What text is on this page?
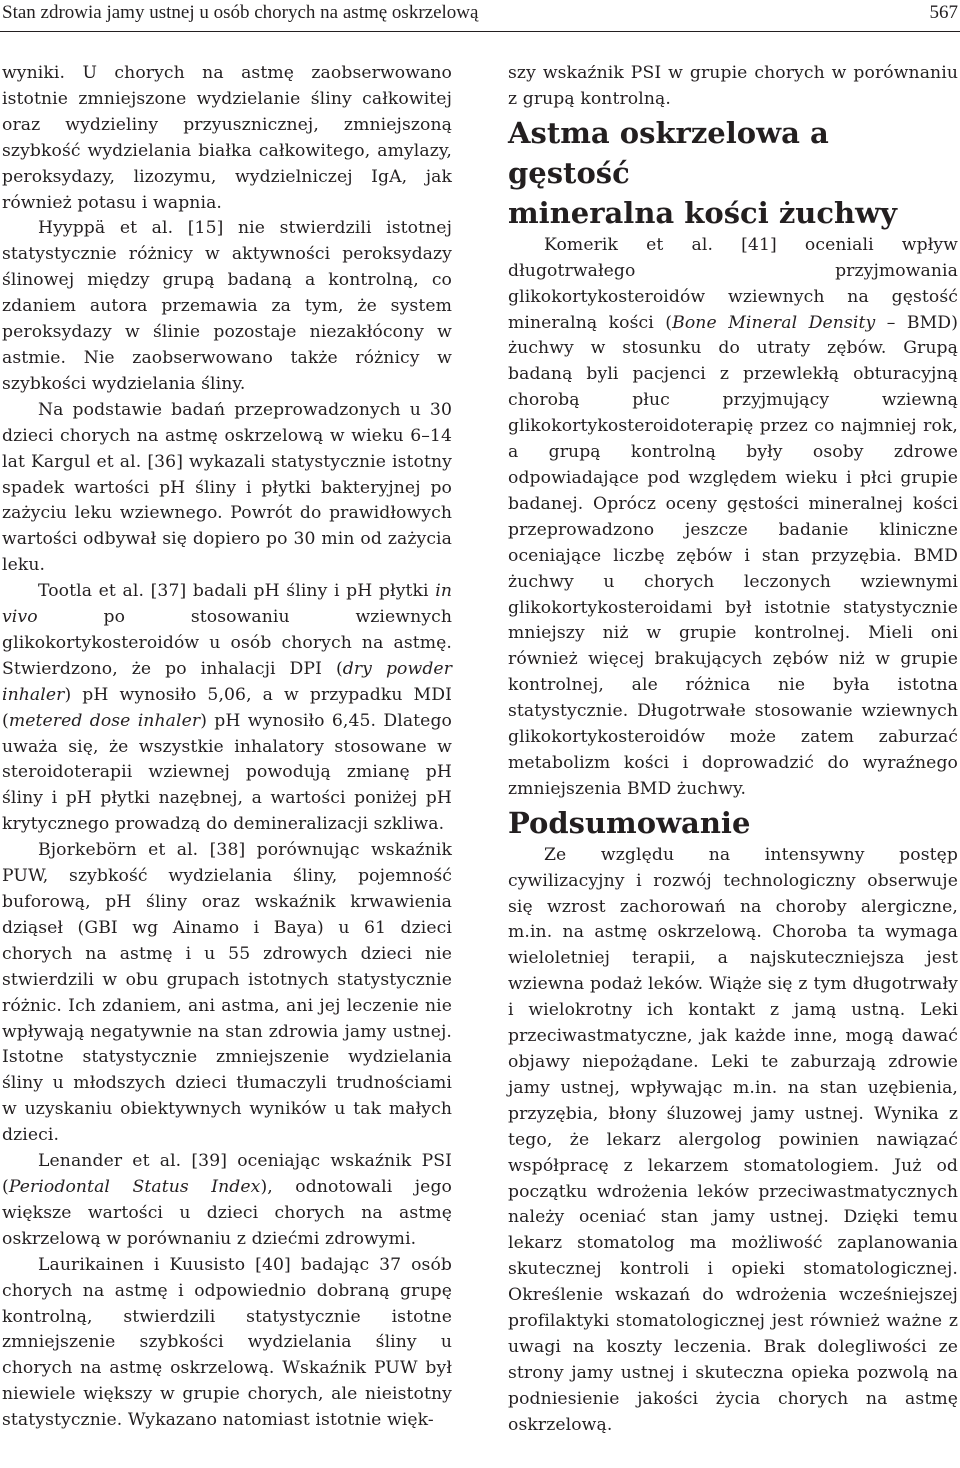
Stan zdrowia jamy ustnej u osób chorych na astmę oskrzelową	567

wyniki. U chorych na astmę zaobserwowano istotnie zmniejszone wydzielanie śliny całkowitej oraz wydzieliny przyusznicznej, zmniejszoną szybkość wydzielania białka całkowitego, amylazy, peroksydazy, lizozymu, wydzielniczej IgA, jak również potasu i wapnia.

Hyyppä et al. [15] nie stwierdzili istotnej statystycznie różnicy w aktywności peroksydazy ślinowej między grupą badaną a kontrolną, co zdaniem autora przemawia za tym, że system peroksydazy w ślinie pozostaje niezakłócony w astmie. Nie zaobserwowano także różnicy w szybkości wydzielania śliny.

Na podstawie badań przeprowadzonych u 30 dzieci chorych na astmę oskrzelową w wieku 6–14 lat Kargul et al. [36] wykazali statystycznie istotny spadek wartości pH śliny i płytki bakteryjnej po zażyciu leku wziewnego. Powrót do prawidłowych wartości odbywał się dopiero po 30 min od zażycia leku.

Tootla et al. [37] badali pH śliny i pH płytki in vivo po stosowaniu wziewnych glikokortykosteroidów u osób chorych na astmę. Stwierdzono, że po inhalacji DPI (dry powder inhaler) pH wynosiło 5,06, a w przypadku MDI (metered dose inhaler) pH wynosiło 6,45. Dlatego uważa się, że wszystkie inhalatory stosowane w steroidoterapii wziewnej powodują zmianę pH śliny i pH płytki nazębnej, a wartości poniżej pH krytycznego prowadzą do demineralizacji szkliwa.

Bjorkebörn et al. [38] porównując wskaźnik PUW, szybkość wydzielania śliny, pojemność buforową, pH śliny oraz wskaźnik krwawienia dziąseł (GBI wg Ainamo i Baya) u 61 dzieci chorych na astmę i u 55 zdrowych dzieci nie stwierdzili w obu grupach istotnych statystycznie różnic. Ich zdaniem, ani astma, ani jej leczenie nie wpływają negatywnie na stan zdrowia jamy ustnej. Istotne statystycznie zmniejszenie wydzielania śliny u młodszych dzieci tłumaczyli trudnościami w uzyskaniu obiektywnych wyników u tak małych dzieci.

Lenander et al. [39] oceniając wskaźnik PSI (Periodontal Status Index), odnotowali jego większe wartości u dzieci chorych na astmę oskrzelową w porównaniu z dziećmi zdrowymi.

Laurikainen i Kuusisto [40] badając 37 osób chorych na astmę i odpowiednio dobraną grupę kontrolną, stwierdzili statystycznie istotne zmniejszenie szybkości wydzielania śliny u chorych na astmę oskrzelową. Wskaźnik PUW był niewiele większy w grupie chorych, ale nieistotny statystycznie. Wykazano natomiast istotnie więk-

szy wskaźnik PSI w grupie chorych w porównaniu z grupą kontrolną.

Astma oskrzelowa a gęstość
mineralna kości żuchwy

Komerik et al. [41] oceniali wpływ długotrwałego przyjmowania glikokortykosteroidów wziewnych na gęstość mineralną kości (Bone Mineral Density – BMD) żuchwy w stosunku do utraty zębów. Grupą badaną byli pacjenci z przewlekłą obturacyjną chorobą płuc przyjmujący wziewną glikokortykosteroidoterapię przez co najmniej rok, a grupą kontrolną były osoby zdrowe odpowiadające pod względem wieku i płci grupie badanej. Oprócz oceny gęstości mineralnej kości przeprowadzono jeszcze badanie kliniczne oceniające liczbę zębów i stan przyzębia. BMD żuchwy u chorych leczonych wziewnymi glikokortykosteroidami był istotnie statystycznie mniejszy niż w grupie kontrolnej. Mieli oni również więcej brakujących zębów niż w grupie kontrolnej, ale różnica nie była istotna statystycznie. Długotrwałe stosowanie wziewnych glikokortykosteroidów może zatem zaburzać metabolizm kości i doprowadzić do wyraźnego zmniejszenia BMD żuchwy.

Podsumowanie

Ze względu na intensywny postęp cywilizacyjny i rozwój technologiczny obserwuje się wzrost zachorowań na choroby alergiczne, m.in. na astmę oskrzelową. Choroba ta wymaga wieloletniej terapii, a najskuteczniejsza jest wziewna podaż leków. Wiąże się z tym długotrwały i wielokrotny ich kontakt z jamą ustną. Leki przeciwastmatyczne, jak każde inne, mogą dawać objawy niepożądane. Leki te zaburzają zdrowie jamy ustnej, wpływając m.in. na stan uzębienia, przyzębia, błony śluzowej jamy ustnej. Wynika z tego, że lekarz alergolog powinien nawiązać współpracę z lekarzem stomatologiem. Już od początku wdrożenia leków przeciwastmatycznych należy oceniać stan jamy ustnej. Dzięki temu lekarz stomatolog ma możliwość zaplanowania skutecznej kontroli i opieki stomatologicznej. Określenie wskazań do wdrożenia wcześniejszej profilaktyki stomatologicznej jest również ważne z uwagi na koszty leczenia. Brak dolegliwości ze strony jamy ustnej i skuteczna opieka pozwolą na podniesienie jakości życia chorych na astmę oskrzelową.
